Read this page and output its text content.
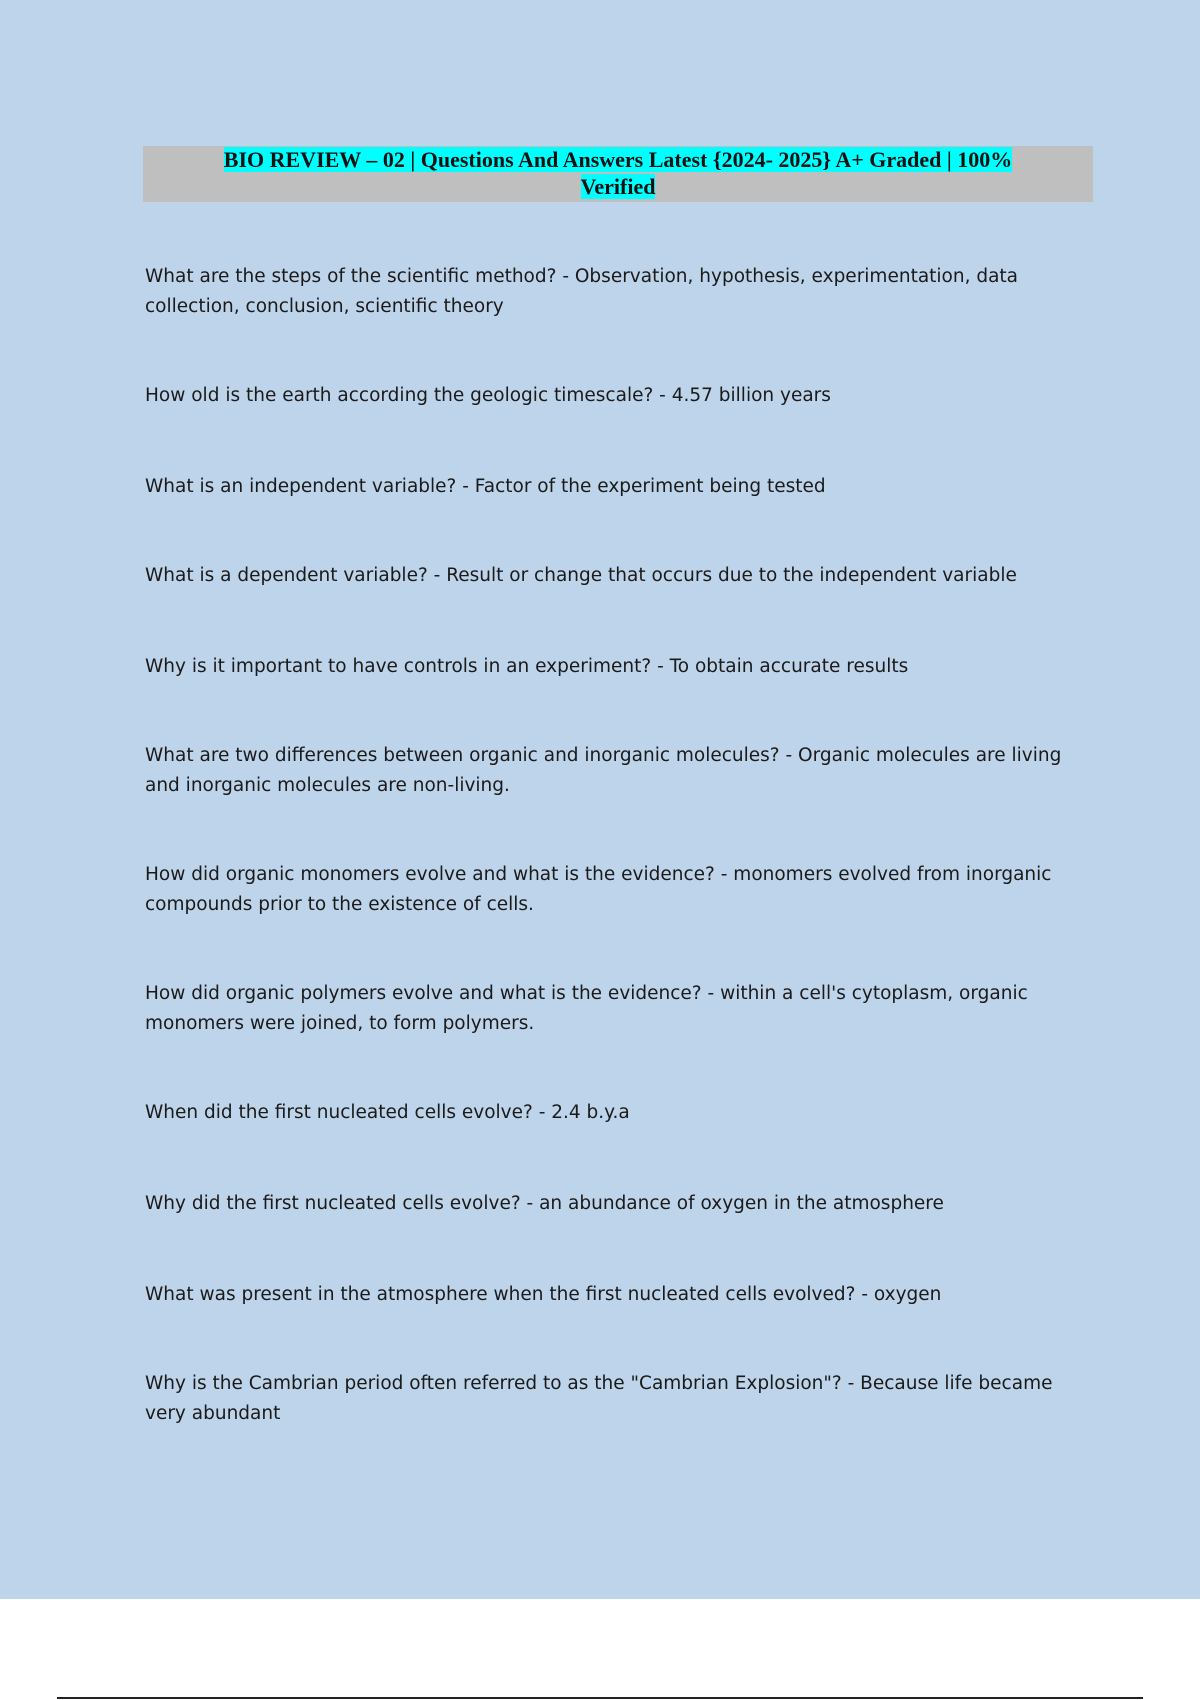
BIO REVIEW – 02 | Questions And Answers Latest {2024- 2025} A+ Graded | 100%
Verified
What are the steps of the scientific method? - Observation, hypothesis, experimentation, data collection, conclusion, scientific theory
How old is the earth according the geologic timescale? - 4.57 billion years
What is an independent variable? - Factor of the experiment being tested
What is a dependent variable? - Result or change that occurs due to the independent variable
Why is it important to have controls in an experiment? - To obtain accurate results
What are two differences between organic and inorganic molecules? - Organic molecules are living and inorganic molecules are non-living.
How did organic monomers evolve and what is the evidence? - monomers evolved from inorganic compounds prior to the existence of cells.
How did organic polymers evolve and what is the evidence? - within a cell's cytoplasm, organic monomers were joined, to form polymers.
When did the first nucleated cells evolve? - 2.4 b.y.a
Why did the first nucleated cells evolve? - an abundance of oxygen in the atmosphere
What was present in the atmosphere when the first nucleated cells evolved? - oxygen
Why is the Cambrian period often referred to as the "Cambrian Explosion"? - Because life became very abundant
